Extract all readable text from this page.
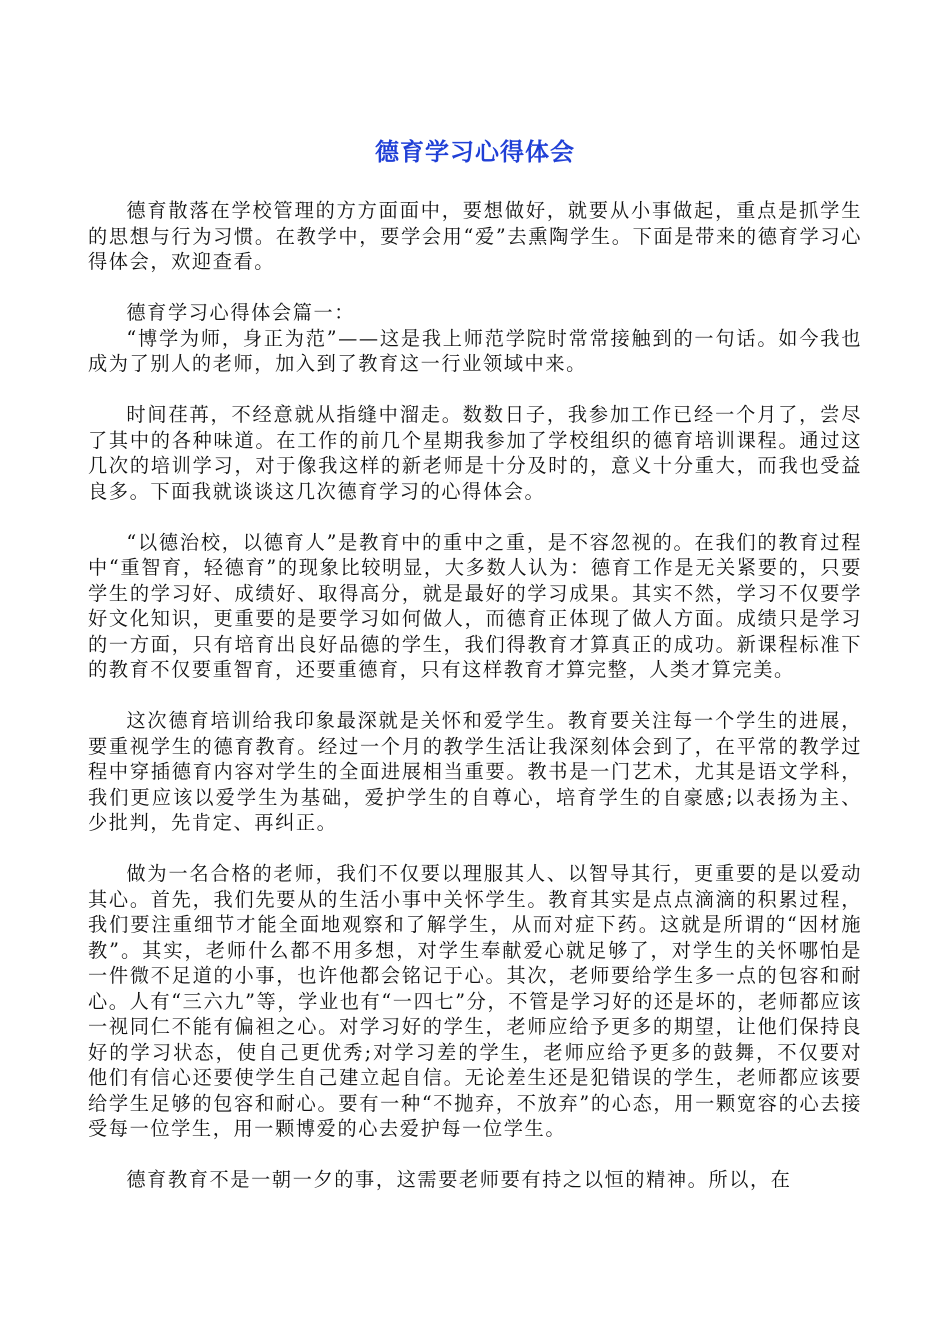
德育学习心得体会

德育散落在学校管理的方方面面中，要想做好，就要从小事做起，重点是抓学生的思想与行为习惯。在教学中，要学会用“爱”去熏陶学生。下面是带来的德育学习心得体会，欢迎查看。

德育学习心得体会篇一：

“博学为师，身正为范”——这是我上师范学院时常常接触到的一句话。如今我也成为了别人的老师，加入到了教育这一行业领域中来。

时间荏苒，不经意就从指缝中溜走。数数日子，我参加工作已经一个月了，尝尽了其中的各种味道。在工作的前几个星期我参加了学校组织的德育培训课程。通过这几次的培训学习，对于像我这样的新老师是十分及时的，意义十分重大，而我也受益良多。下面我就谈谈这几次德育学习的心得体会。

“以德治校，以德育人”是教育中的重中之重，是不容忽视的。在我们的教育过程中“重智育，轻德育”的现象比较明显，大多数人认为：德育工作是无关紧要的，只要学生的学习好、成绩好、取得高分，就是最好的学习成果。其实不然，学习不仅要学好文化知识，更重要的是要学习如何做人，而德育正体现了做人方面。成绩只是学习的一方面，只有培育出良好品德的学生，我们得教育才算真正的成功。新课程标准下的教育不仅要重智育，还要重德育，只有这样教育才算完整，人类才算完美。

这次德育培训给我印象最深就是关怀和爱学生。教育要关注每一个学生的进展，要重视学生的德育教育。经过一个月的教学生活让我深刻体会到了，在平常的教学过程中穿插德育内容对学生的全面进展相当重要。教书是一门艺术，尤其是语文学科，我们更应该以爱学生为基础，爱护学生的自尊心，培育学生的自豪感;以表扬为主、少批判，先肯定、再纠正。

做为一名合格的老师，我们不仅要以理服其人、以智导其行，更重要的是以爱动其心。首先，我们先要从的生活小事中关怀学生。教育其实是点点滴滴的积累过程，我们要注重细节才能全面地观察和了解学生，从而对症下药。这就是所谓的“因材施教”。其实，老师什么都不用多想，对学生奉献爱心就足够了，对学生的关怀哪怕是一件微不足道的小事，也许他都会铭记于心。其次，老师要给学生多一点的包容和耐心。人有“三六九”等，学业也有“一四七”分，不管是学习好的还是坏的，老师都应该一视同仁不能有偏袒之心。对学习好的学生，老师应给予更多的期望，让他们保持良好的学习状态，使自己更优秀;对学习差的学生，老师应给予更多的鼓舞，不仅要对他们有信心还要使学生自己建立起自信。无论差生还是犯错误的学生，老师都应该要给学生足够的包容和耐心。要有一种“不抛弃，不放弃”的心态，用一颗宽容的心去接受每一位学生，用一颗博爱的心去爱护每一位学生。

德育教育不是一朝一夕的事，这需要老师要有持之以恒的精神。所以，在
